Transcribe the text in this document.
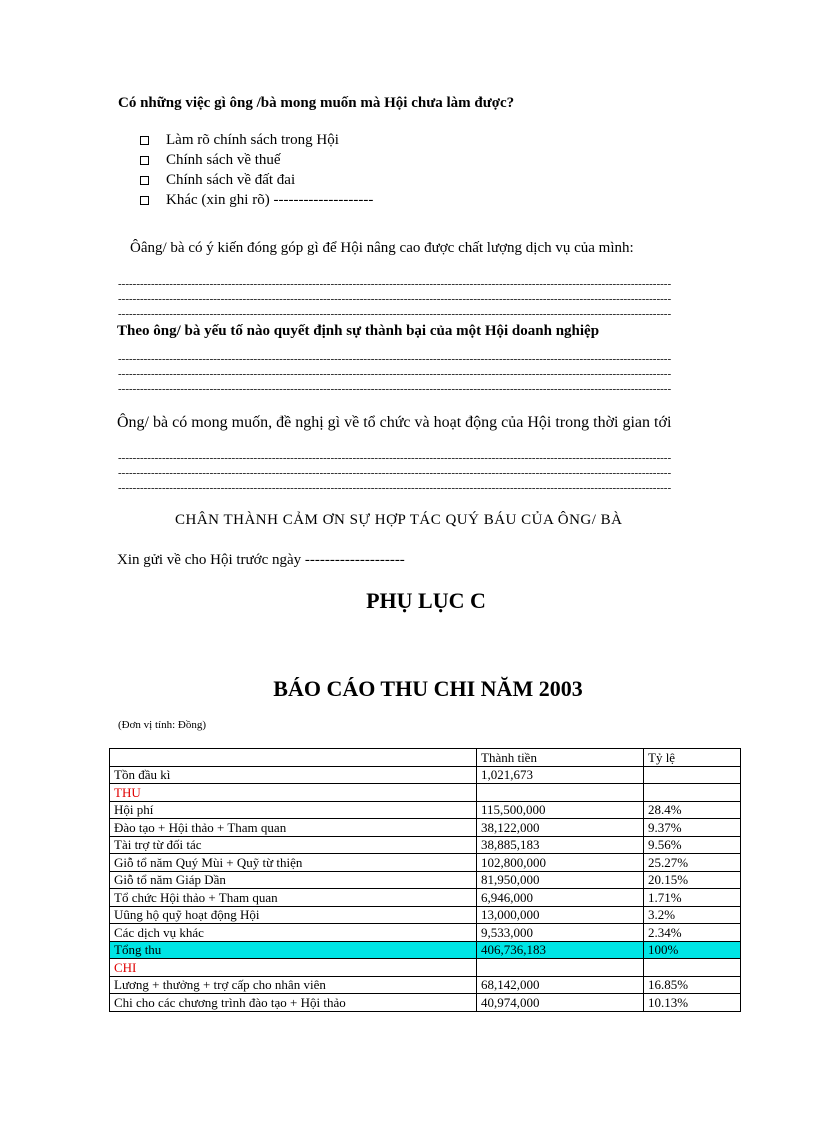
Có những việc gì ông /bà mong muốn mà Hội chưa làm được?
Làm rõ chính sách trong Hội
Chính sách về thuế
Chính sách về đất đai
Khác (xin ghi rõ) --------------------
Ôâng/ bà có ý kiến đóng góp gì để Hội nâng cao được chất lượng dịch vụ của mình:
-------------------------------------------------------------------------------------------------------------------------------------------------------
-------------------------------------------------------------------------------------------------------------------------------------------------------
-------------------------------------------------------------------------------------------------------------------------------------------------------
Theo ông/ bà yếu tố nào quyết định sự thành bại của một Hội doanh nghiệp
-------------------------------------------------------------------------------------------------------------------------------------------------------
-------------------------------------------------------------------------------------------------------------------------------------------------------
-------------------------------------------------------------------------------------------------------------------------------------------------------
Ông/ bà có mong muốn, đề nghị gì về tổ chức và hoạt động của Hội trong thời gian tới
-------------------------------------------------------------------------------------------------------------------------------------------------------
-------------------------------------------------------------------------------------------------------------------------------------------------------
-------------------------------------------------------------------------------------------------------------------------------------------------------
CHÂN THÀNH CẢM ƠN SỰ HỢP TÁC QUÝ BÁU CỦA ÔNG/ BÀ
Xin gửi về cho Hội trước ngày --------------------
PHỤ LỤC C
BÁO CÁO THU CHI NĂM 2003
(Đơn vị tính: Đồng)
	Thành tiền	Tỷ lệ
Tồn đầu kì	1,021,673	
THU		
Hội phí	115,500,000	28.4%
Đào tạo + Hội thảo + Tham quan	38,122,000	9.37%
Tài trợ từ đối tác	38,885,183	9.56%
Giỗ tổ năm Quý Mùi + Quỹ từ thiện	102,800,000	25.27%
Giỗ tổ năm Giáp Dần	81,950,000	20.15%
Tổ chức Hội thảo + Tham quan	6,946,000	1.71%
Uûng hộ quỹ hoạt động Hội	13,000,000	3.2%
Các dịch vụ khác	9,533,000	2.34%
Tổng thu	406,736,183	100%
CHI		
Lương + thưởng + trợ cấp cho nhân viên	68,142,000	16.85%
Chi cho các chương trình đào tạo + Hội thảo	40,974,000	10.13%
